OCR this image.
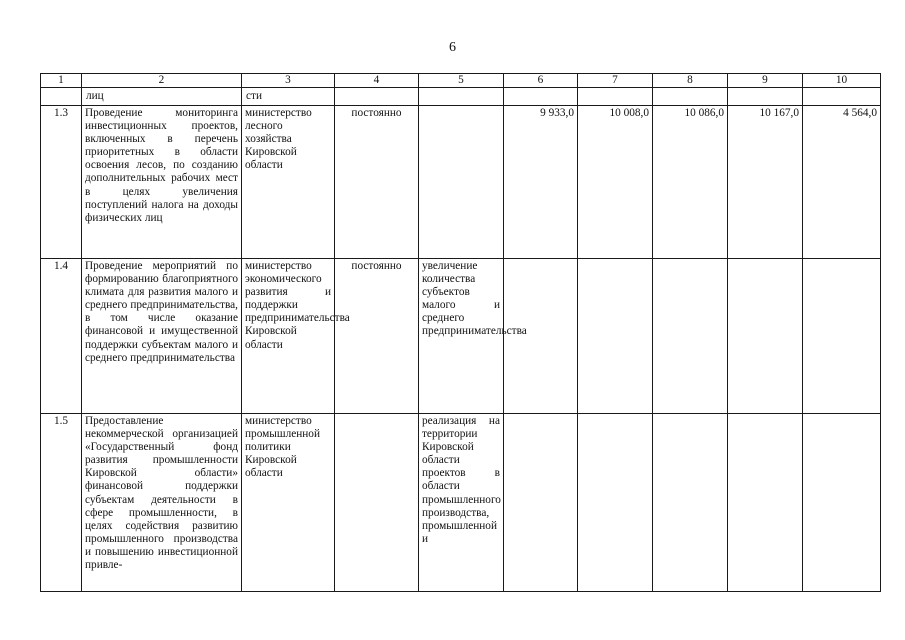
6
1	2	3	4	5	6	7	8	9	10
	лиц	сти							
1.3	Проведение мониторинга инвестиционных проектов, включенных в перечень приоритетных в области освоения лесов, по созданию дополнительных рабочих мест в целях увеличения поступлений налога на доходы физических лиц	министерство лесного хозяйства Кировской области	постоянно		9 933,0	10 008,0	10 086,0	10 167,0	4 564,0
1.4	Проведение мероприятий по формированию благоприятного климата для развития малого и среднего предпринимательства, в том числе оказание финансовой и имущественной поддержки субъектам малого и среднего предпринимательства	министерство экономического развития и поддержки предпринимательства Кировской области	постоянно	увеличение количества субъектов малого и среднего предпринимательства					
1.5	Предоставление некоммерческой организацией «Государственный фонд развития промышленности Кировской области» финансовой поддержки субъектам деятельности в сфере промышленности, в целях содействия развитию промышленного производства и повышению инвестиционной привле-	министерство промышленной политики Кировской области		реализация на территории Кировской области проектов в области промышленного производства, промышленной и					
